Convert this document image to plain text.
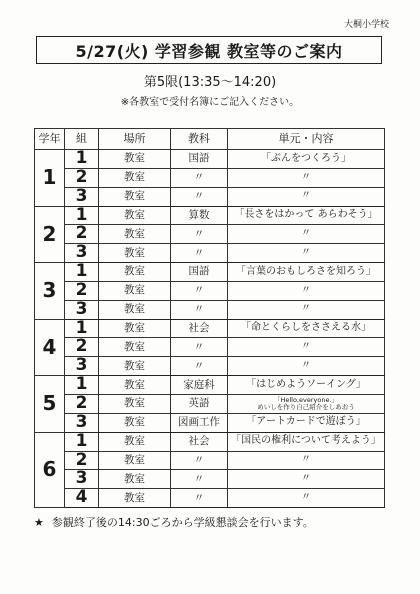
大桐小学校
5/27(火) 学習参観 教室等のご案内
第5限(13:35～14:20)
※各教室で受付名簿にご記入ください。
学年	組	場所	教科	単元・内容
1	1	教室	国語	「ぶんをつくろう」
	2	教室	〃	〃
	3	教室	〃	〃
2	1	教室	算数	「長さをはかって あらわそう」
	2	教室	〃	〃
	3	教室	〃	〃
3	1	教室	国語	「言葉のおもしろさを知ろう」
	2	教室	〃	〃
	3	教室	〃	〃
4	1	教室	社会	「命とくらしをささえる水」
	2	教室	〃	〃
	3	教室	〃	〃
5	1	教室	家庭科	「はじめようソーイング」
	2	教室	英語	「Hello,everyone.」
めいしを作り自己紹介をしあおう

	3	教室	図画工作	「アートカードで遊ぼう」
6	1	教室	社会	「国民の権利について考えよう」
	2	教室	〃	〃
	3	教室	〃	〃
	4	教室	〃	〃
★ 参観終了後の14:30ごろから学級懇談会を行います。
